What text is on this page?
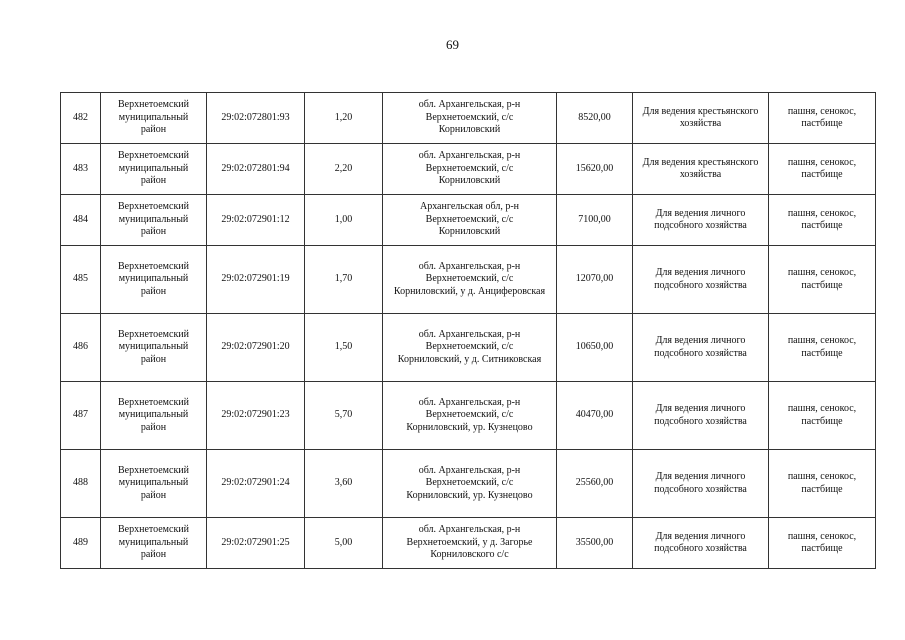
69
482	Верхнетоемский
муниципальный
район	29:02:072801:93	1,20	обл. Архангельская, р-н
Верхнетоемский, с/с
Корниловский	8520,00	Для ведения крестьянского
хозяйства	пашня, сенокос,
пастбище
483	Верхнетоемский
муниципальный
район	29:02:072801:94	2,20	обл. Архангельская, р-н
Верхнетоемский, с/с
Корниловский	15620,00	Для ведения крестьянского
хозяйства	пашня, сенокос,
пастбище
484	Верхнетоемский
муниципальный
район	29:02:072901:12	1,00	Архангельская обл, р-н
Верхнетоемский, с/с
Корниловский	7100,00	Для ведения личного
подсобного хозяйства	пашня, сенокос,
пастбище
485	Верхнетоемский
муниципальный
район	29:02:072901:19	1,70	обл. Архангельская, р-н
Верхнетоемский, с/с
Корниловский, у д. Анциферовская	12070,00	Для ведения личного
подсобного хозяйства	пашня, сенокос,
пастбище
486	Верхнетоемский
муниципальный
район	29:02:072901:20	1,50	обл. Архангельская, р-н
Верхнетоемский, с/с
Корниловский, у д. Ситниковская	10650,00	Для ведения личного
подсобного хозяйства	пашня, сенокос,
пастбище
487	Верхнетоемский
муниципальный
район	29:02:072901:23	5,70	обл. Архангельская, р-н
Верхнетоемский, с/с
Корниловский, ур. Кузнецово	40470,00	Для ведения личного
подсобного хозяйства	пашня, сенокос,
пастбище
488	Верхнетоемский
муниципальный
район	29:02:072901:24	3,60	обл. Архангельская, р-н
Верхнетоемский, с/с
Корниловский, ур. Кузнецово	25560,00	Для ведения личного
подсобного хозяйства	пашня, сенокос,
пастбище
489	Верхнетоемский
муниципальный
район	29:02:072901:25	5,00	обл. Архангельская, р-н
Верхнетоемский, у д. Загорье
Корниловского с/с	35500,00	Для ведения личного
подсобного хозяйства	пашня, сенокос,
пастбище
